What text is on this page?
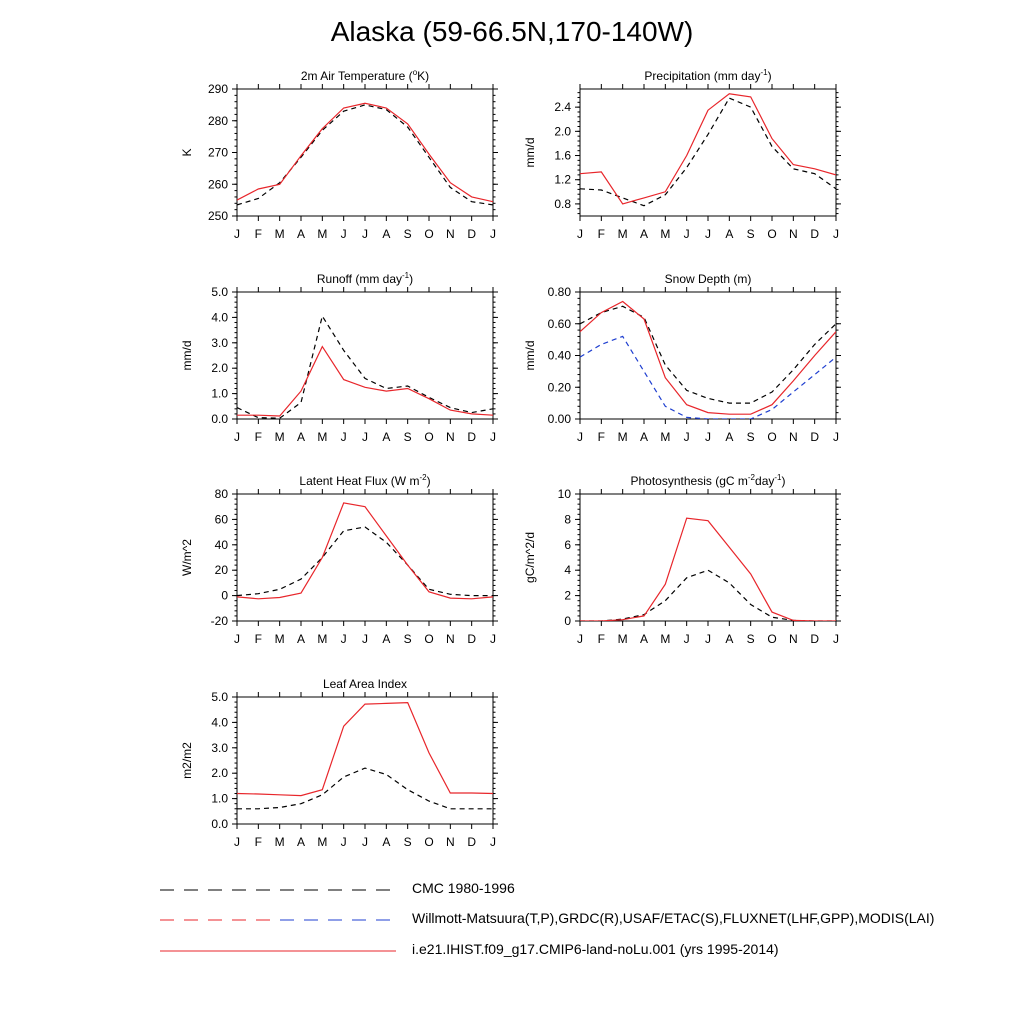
Alaska (59-66.5N,170-140W)
2m Air Temperature ($^o$K)
250
260
270
280
290
J F M A M J J A S O N D J
K
Precipitation (mm day$^{-1}$)
0.8
1.2
1.6
2.0
2.4
J F M A M J J A S O N D J
mm/d
Runoff (mm day$^{-1}$)
0.0
1.0
2.0
3.0
4.0
5.0
J F M A M J J A S O N D J
mm/d
Snow Depth (m)
0.00
0.20
0.40
0.60
0.80
J F M A M J J A S O N D J
mm/d
Latent Heat Flux (W $m^{-2}$)
-20
0
20
40
60
80
J F M A M J J A S O N D J
W/m^2
Photosynthesis (gC $m^{-2}day^{-1}$)
0
2
4
6
8
10
J F M A M J J A S O N D J
gC/m^2/d
Leaf Area Index
0.0
1.0
2.0
3.0
4.0
5.0
J F M A M J J A S O N D J
m2/m2
CMC 1980-1996
Willmott-Matsuura(T,P),GRDC(R),USAF/ETAC(S),FLUXNET(LHF,GPP),MODIS(LAI)
i.e21.IHIST.f09_g17.CMIP6-land-noLu.001 (yrs 1995-2014)
